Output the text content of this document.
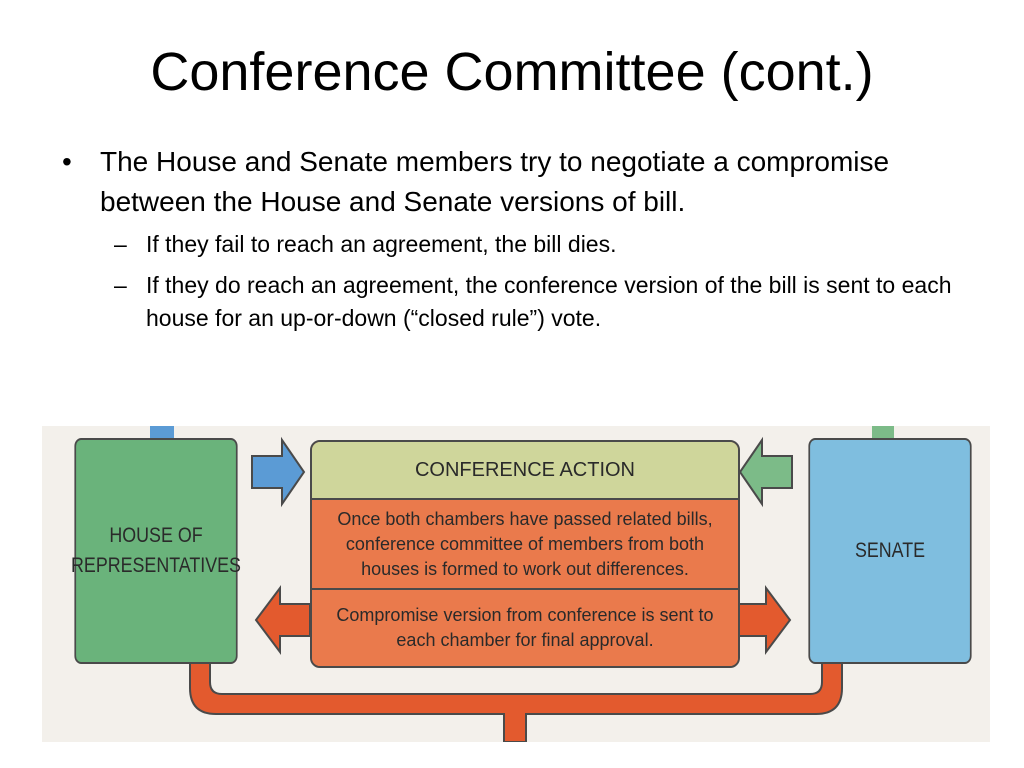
Conference Committee (cont.)
• The House and Senate members try to negotiate a compromise between the House and Senate versions of bill.
– If they fail to reach an agreement, the bill dies.
– If they do reach an agreement, the conference version of the bill is sent to each house for an up-or-down (“closed rule”) vote.
HOUSE OF
REPRESENTATIVES
CONFERENCE ACTION
Once both chambers have passed related bills, conference committee of members from both houses is formed to work out differences.
Compromise version from conference is sent to each chamber for final approval.
SENATE
